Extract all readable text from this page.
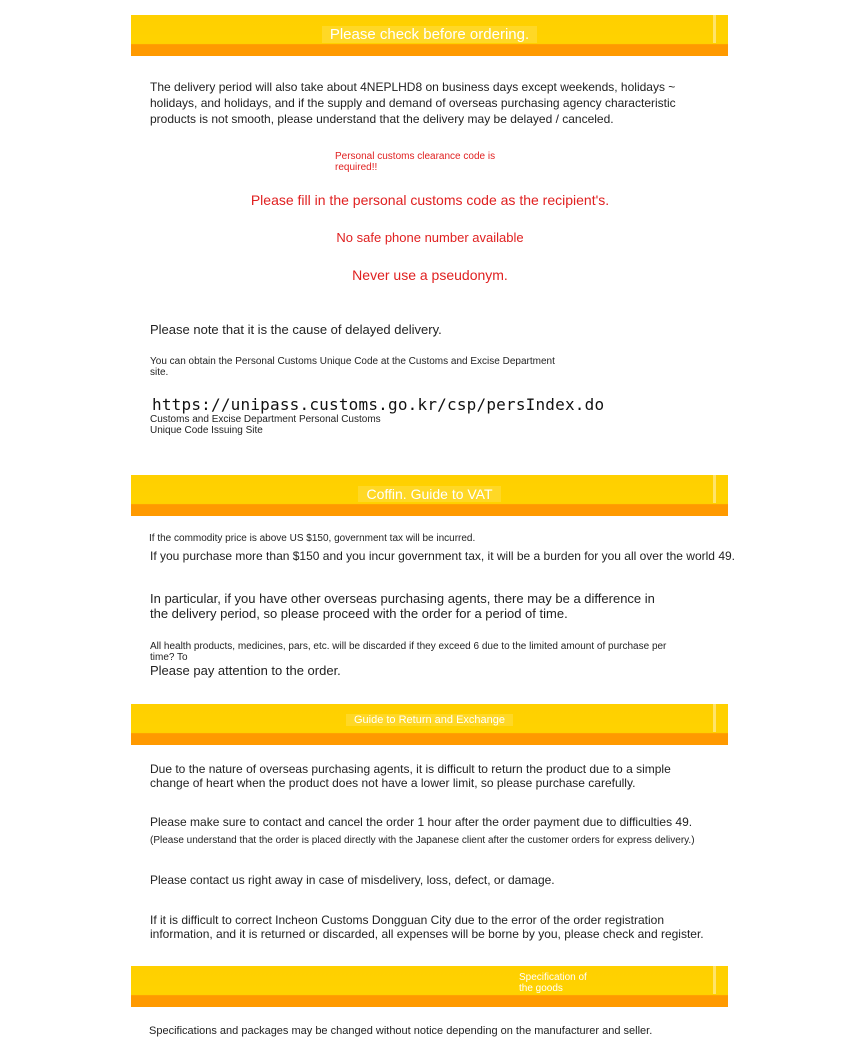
Please check before ordering.
The delivery period will also take about 4NEPLHD8 on business days except weekends, holidays ~
holidays, and holidays, and if the supply and demand of overseas purchasing agency characteristic
products is not smooth, please understand that the delivery may be delayed / canceled.
Personal customs clearance code is
required!!
Please fill in the personal customs code as the recipient's.
No safe phone number available
Never use a pseudonym.
Please note that it is the cause of delayed delivery.
You can obtain the Personal Customs Unique Code at the Customs and Excise Department
site.
https://unipass.customs.go.kr/csp/persIndex.do
Customs and Excise Department Personal Customs
Unique Code Issuing Site
Coffin. Guide to VAT
If the commodity price is above US $150, government tax will be incurred.
If you purchase more than $150 and you incur government tax, it will be a burden for you all over the world 49.
In particular, if you have other overseas purchasing agents, there may be a difference in
the delivery period, so please proceed with the order for a period of time.
All health products, medicines, pars, etc. will be discarded if they exceed 6 due to the limited amount of purchase per
time? To
Please pay attention to the order.
Guide to Return and Exchange
Due to the nature of overseas purchasing agents, it is difficult to return the product due to a simple
change of heart when the product does not have a lower limit, so please purchase carefully.
Please make sure to contact and cancel the order 1 hour after the order payment due to difficulties 49.
(Please understand that the order is placed directly with the Japanese client after the customer orders for express delivery.)
Please contact us right away in case of misdelivery, loss, defect, or damage.
If it is difficult to correct Incheon Customs Dongguan City due to the error of the order registration
information, and it is returned or discarded, all expenses will be borne by you, please check and register.
Specification of
the goods
Specifications and packages may be changed without notice depending on the manufacturer and seller.
